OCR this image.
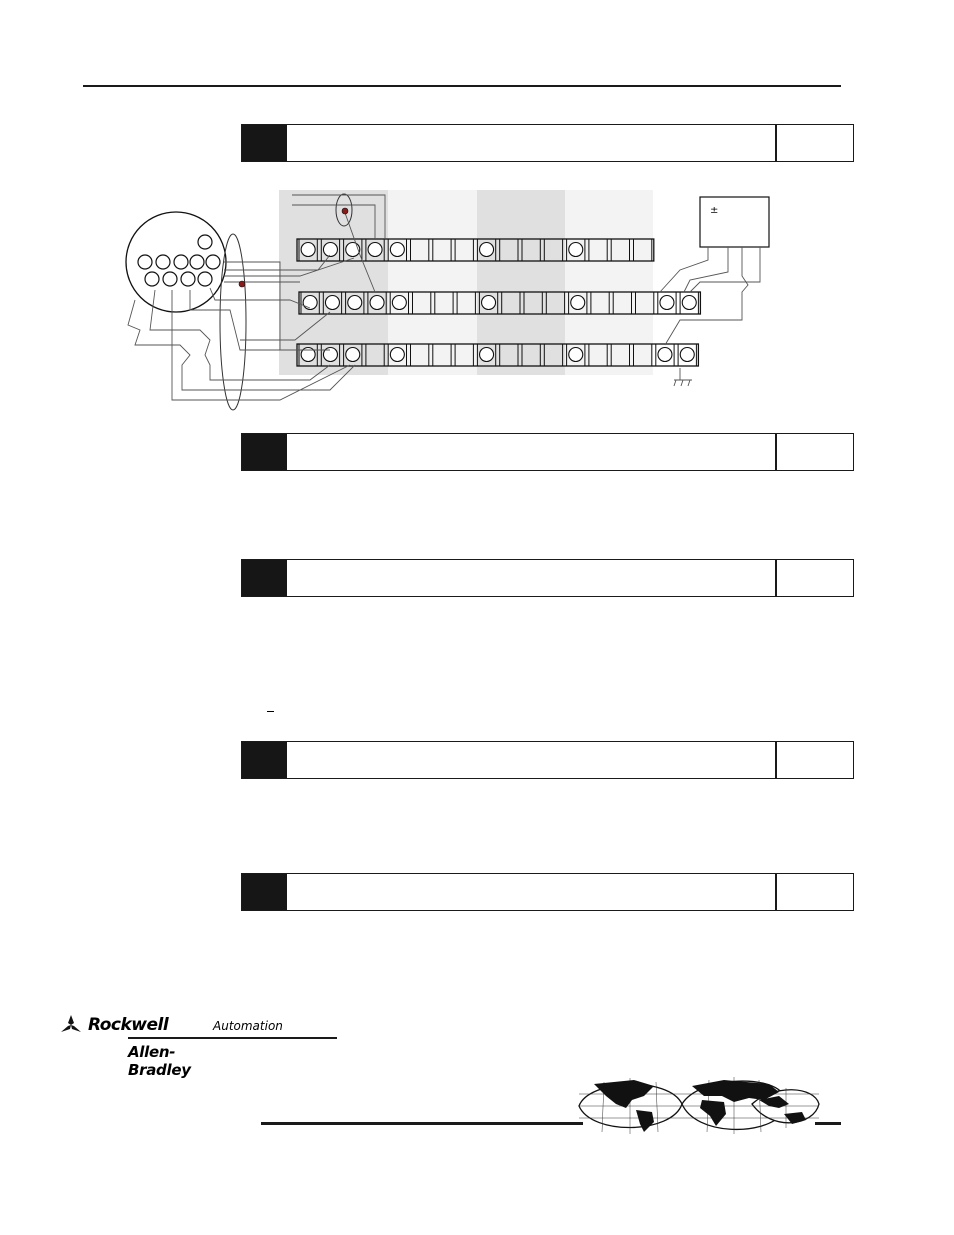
±
Rockwell	Automation
Allen-Bradley
